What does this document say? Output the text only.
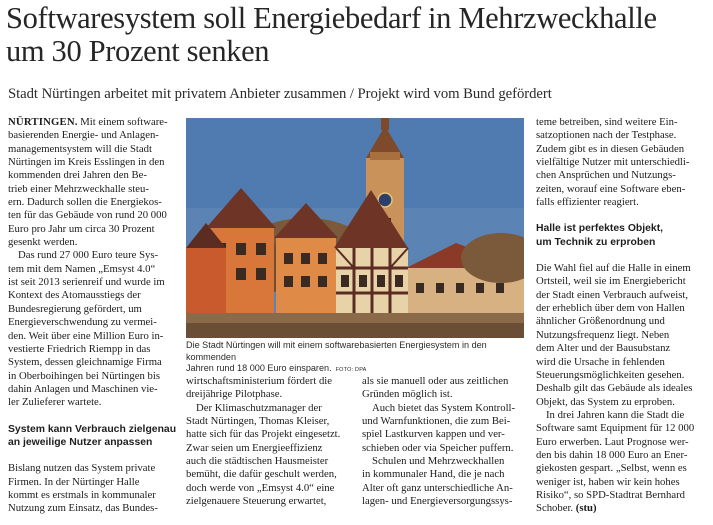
Softwaresystem soll Energiebedarf in Mehrzweckhalle
um 30 Prozent senken
Stadt Nürtingen arbeitet mit privatem Anbieter zusammen / Projekt wird vom Bund gefördert

NÜRTINGEN. Mit einem software-
basierenden Energie- und Anlagen-
managementsystem will die Stadt
Nürtingen im Kreis Esslingen in den
kommenden drei Jahren den Be-
trieb einer Mehrzweckhalle steu-
ern. Dadurch sollen die Energiekos-
ten für das Gebäude von rund 20 000
Euro pro Jahr um circa 30 Prozent
gesenkt werden.

Das rund 27 000 Euro teure Sys-
tem mit dem Namen „Emsyst 4.0“
ist seit 2013 serienreif und wurde im
Kontext des Atomausstiegs der
Bundesregierung gefördert, um
Energieverschwendung zu vermei-
den. Weit über eine Million Euro in-
vestierte Friedrich Riempp in das
System, dessen gleichnamige Firma
in Oberboihingen bei Nürtingen bis
dahin Anlagen und Maschinen vie-
ler Zulieferer wartete.

System kann Verbrauch zielgenau
an jeweilige Nutzer anpassen

Bislang nutzen das System private
Firmen. In der Nürtinger Halle
kommt es erstmals in kommunaler
Nutzung zum Einsatz, das Bundes-

Die Stadt Nürtingen will mit einem softwarebasierten Energiesystem in den kommenden
Jahren rund 18 000 Euro einsparen. FOTO: DPA

wirtschaftsministerium fördert die
dreijährige Pilotphase.

Der Klimaschutzmanager der
Stadt Nürtingen, Thomas Kleiser,
hatte sich für das Projekt eingesetzt.
Zwar seien um Energieeffizienz
auch die städtischen Hausmeister
bemüht, die dafür geschult werden,
doch werde von „Emsyst 4.0“ eine
zielgenauere Steuerung erwartet,

als sie manuell oder aus zeitlichen
Gründen möglich ist.

Auch bietet das System Kontroll-
und Warnfunktionen, die zum Bei-
spiel Lastkurven kappen und ver-
schieben oder via Speicher puffern.

Schulen und Mehrzweckhallen
in kommunaler Hand, die je nach
Alter oft ganz unterschiedliche An-
lagen- und Energieversorgungssys-

teme betreiben, sind weitere Ein-
satzoptionen nach der Testphase.
Zudem gibt es in diesen Gebäuden
vielfältige Nutzer mit unterschiedli-
chen Ansprüchen und Nutzungs-
zeiten, worauf eine Software eben-
falls effizienter reagiert.

Halle ist perfektes Objekt,
um Technik zu erproben

Die Wahl fiel auf die Halle in einem
Ortsteil, weil sie im Energiebericht
der Stadt einen Verbrauch aufweist,
der erheblich über dem von Hallen
ähnlicher Größenordnung und
Nutzungsfrequenz liegt. Neben
dem Alter und der Bausubstanz
wird die Ursache in fehlenden
Steuerungsmöglichkeiten gesehen.
Deshalb gilt das Gebäude als ideales
Objekt, das System zu erproben.

In drei Jahren kann die Stadt die
Software samt Equipment für 12 000
Euro erwerben. Laut Prognose wer-
den bis dahin 18 000 Euro an Ener-
giekosten gespart. „Selbst, wenn es
weniger ist, haben wir kein hohes
Risiko“, so SPD-Stadtrat Bernhard
Schober. (stu)
